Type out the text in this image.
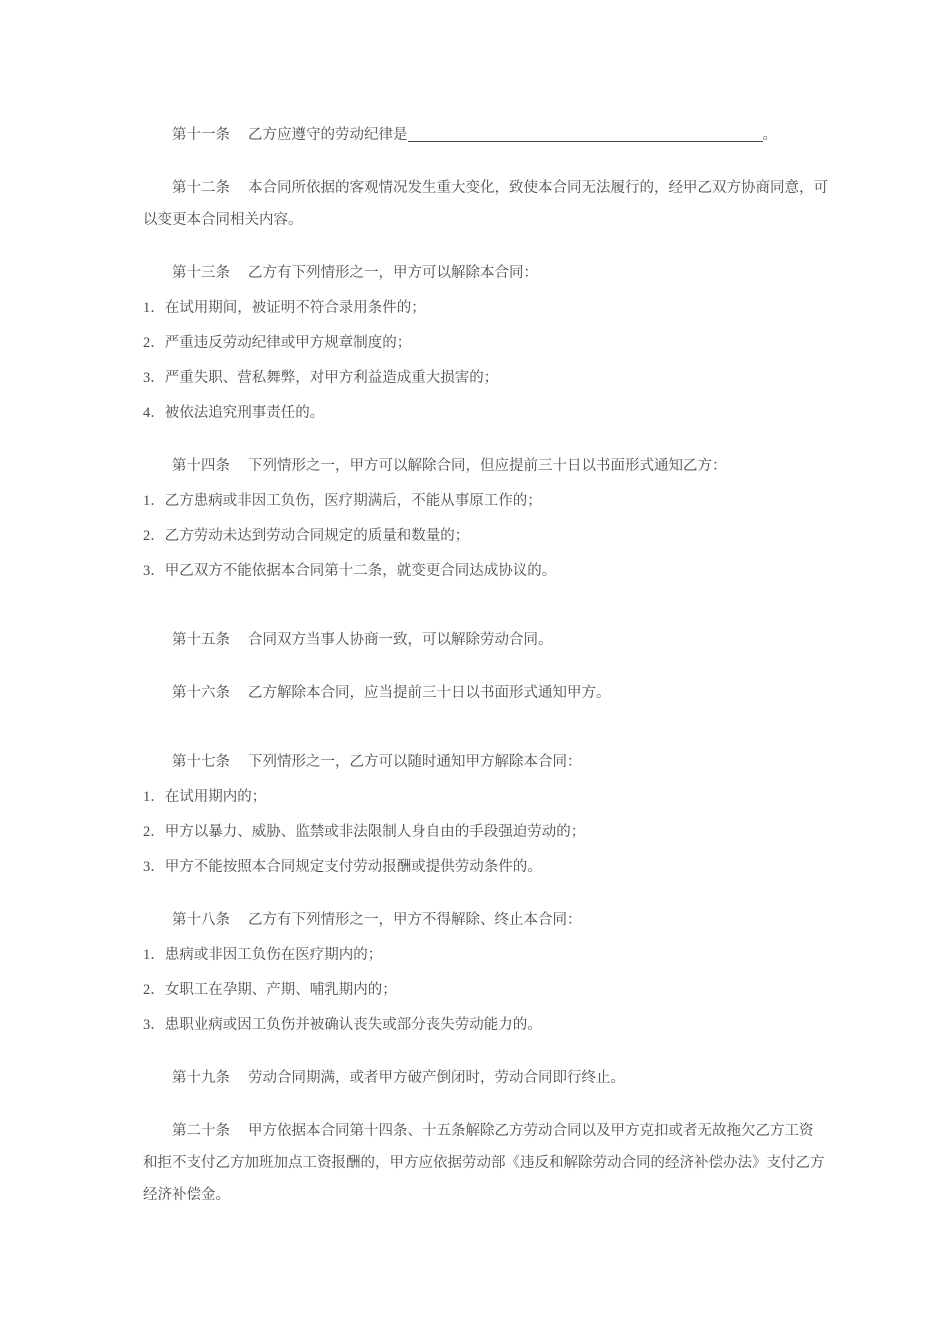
第十一条 乙方应遵守的劳动纪律是	。

第十二条 本合同所依据的客观情况发生重大变化，致使本合同无法履行的，经甲乙双方协商同意，可
以变更本合同相关内容。

第十三条 乙方有下列情形之一，甲方可以解除本合同：

1．在试用期间，被证明不符合录用条件的；

2．严重违反劳动纪律或甲方规章制度的；

3．严重失职、营私舞弊，对甲方利益造成重大损害的；

4．被依法追究刑事责任的。

第十四条 下列情形之一，甲方可以解除合同，但应提前三十日以书面形式通知乙方：

1．乙方患病或非因工负伤，医疗期满后，不能从事原工作的；

2．乙方劳动未达到劳动合同规定的质量和数量的；

3．甲乙双方不能依据本合同第十二条，就变更合同达成协议的。

第十五条 合同双方当事人协商一致，可以解除劳动合同。

第十六条 乙方解除本合同，应当提前三十日以书面形式通知甲方。

第十七条 下列情形之一，乙方可以随时通知甲方解除本合同：

1．在试用期内的；

2．甲方以暴力、威胁、监禁或非法限制人身自由的手段强迫劳动的；

3．甲方不能按照本合同规定支付劳动报酬或提供劳动条件的。

第十八条 乙方有下列情形之一，甲方不得解除、终止本合同：

1．患病或非因工负伤在医疗期内的；

2．女职工在孕期、产期、哺乳期内的；

3．患职业病或因工负伤并被确认丧失或部分丧失劳动能力的。

第十九条 劳动合同期满，或者甲方破产倒闭时，劳动合同即行终止。

第二十条 甲方依据本合同第十四条、十五条解除乙方劳动合同以及甲方克扣或者无故拖欠乙方工资
和拒不支付乙方加班加点工资报酬的，甲方应依据劳动部《违反和解除劳动合同的经济补偿办法》支付乙方
经济补偿金。
